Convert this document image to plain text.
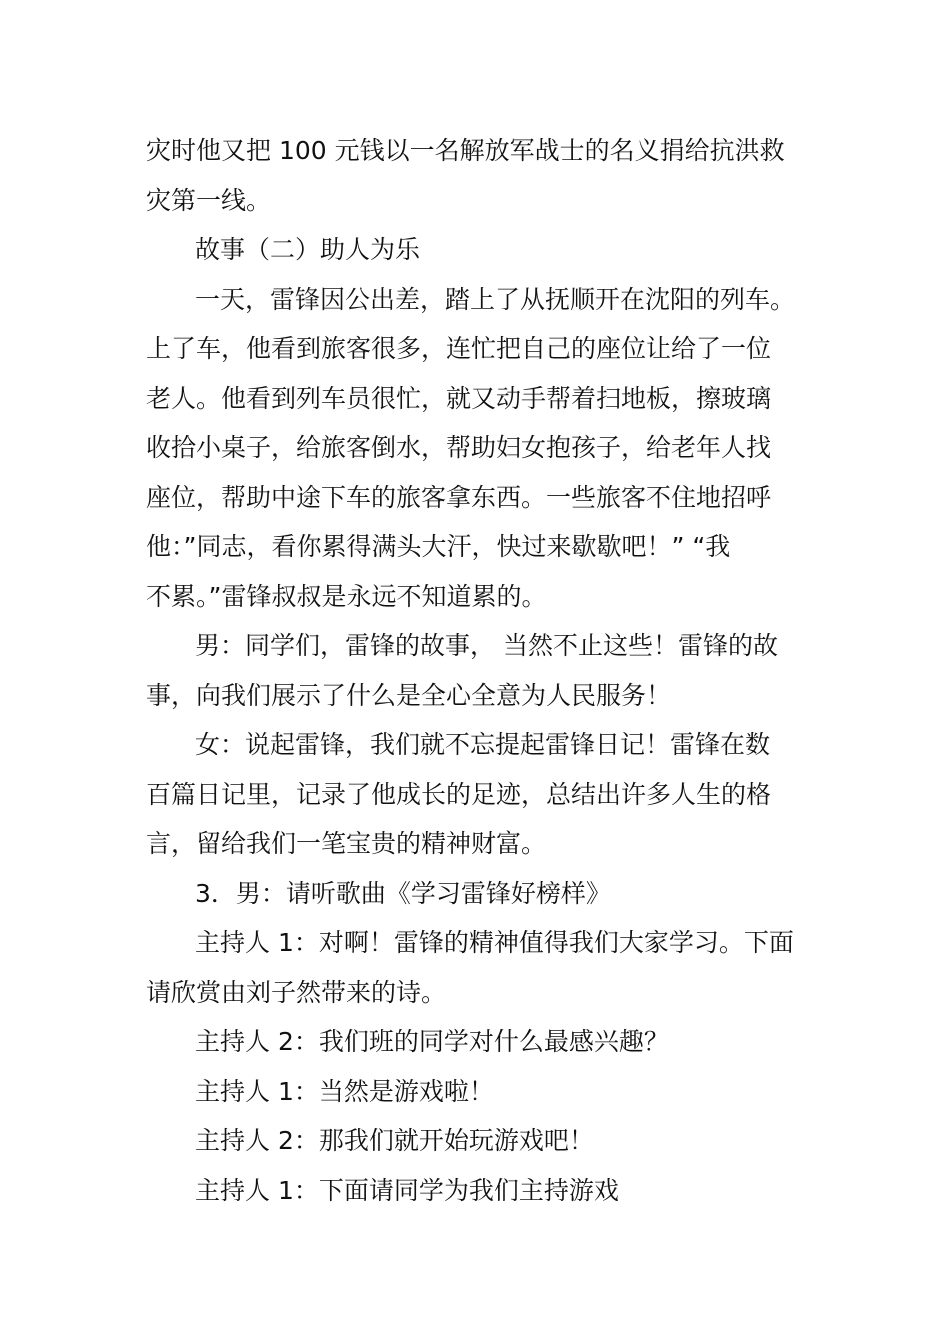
灾时他又把 100 元钱以一名解放军战士的名义捐给抗洪救
灾第一线。
故事（二）助人为乐
一天，雷锋因公出差，踏上了从抚顺开在沈阳的列车。
上了车，他看到旅客很多，连忙把自己的座位让给了一位
老人。他看到列车员很忙，就又动手帮着扫地板，擦玻璃
收拾小桌子，给旅客倒水，帮助妇女抱孩子，给老年人找
座位，帮助中途下车的旅客拿东西。一些旅客不住地招呼
他：”同志，看你累得满头大汗，快过来歇歇吧！” “我
不累。”雷锋叔叔是永远不知道累的。
男：同学们，雷锋的故事， 当然不止这些！雷锋的故
事，向我们展示了什么是全心全意为人民服务！
女：说起雷锋，我们就不忘提起雷锋日记！雷锋在数
百篇日记里，记录了他成长的足迹，总结出许多人生的格
言，留给我们一笔宝贵的精神财富。
3．男：请听歌曲《学习雷锋好榜样》
主持人 1：对啊！雷锋的精神值得我们大家学习。下面
请欣赏由刘子然带来的诗。
主持人 2：我们班的同学对什么最感兴趣？
主持人 1：当然是游戏啦！
主持人 2：那我们就开始玩游戏吧！
主持人 1：下面请同学为我们主持游戏
